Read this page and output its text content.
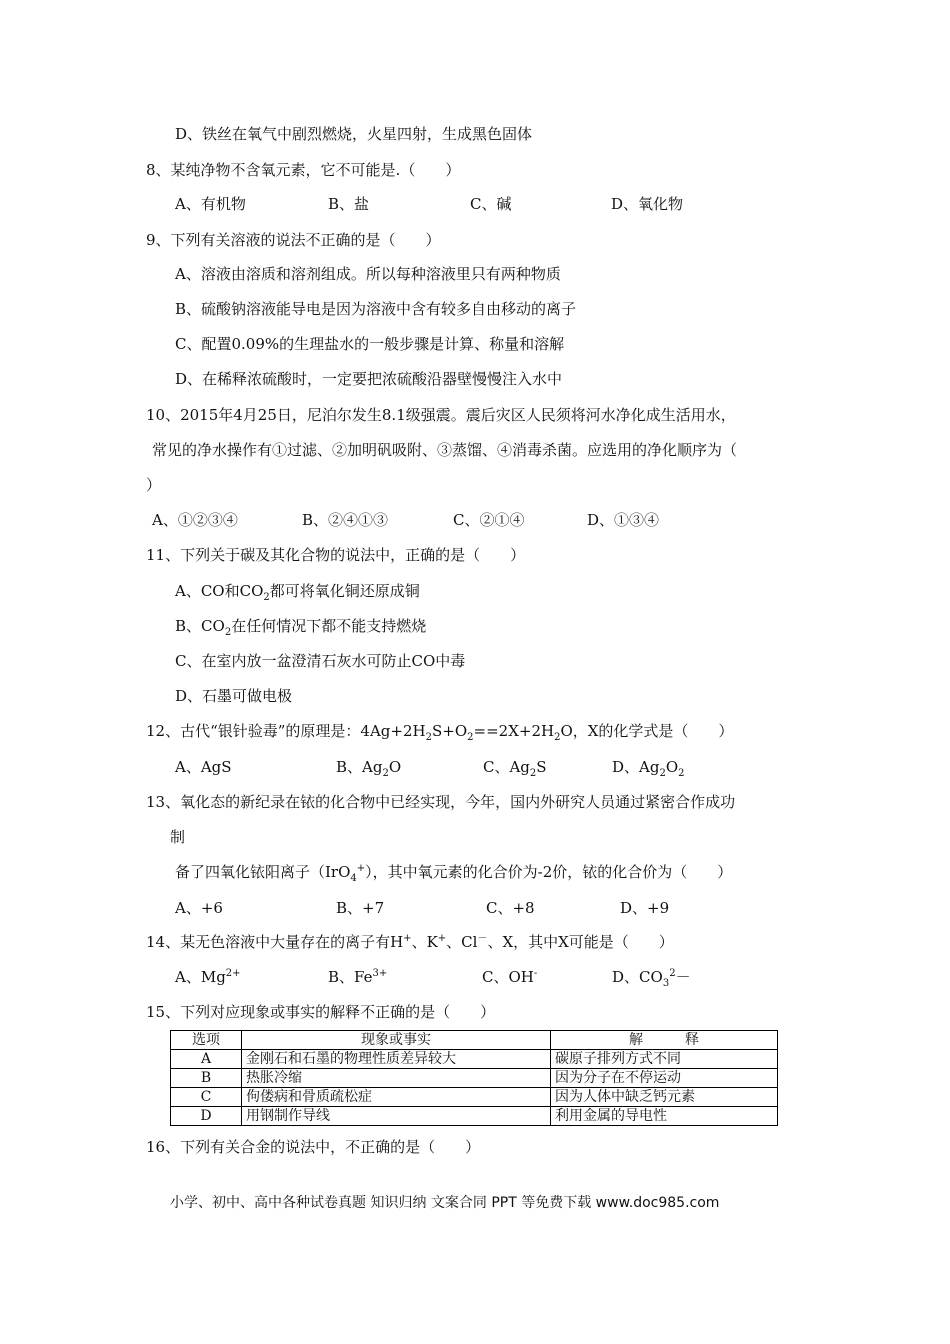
D、铁丝在氧气中剧烈燃烧，火星四射，生成黑色固体
8、某纯净物不含氧元素，它不可能是.（　　）
A、有机物	B、盐	C、碱	D、氧化物
9、下列有关溶液的说法不正确的是（　　）
A、溶液由溶质和溶剂组成。所以每种溶液里只有两种物质
B、硫酸钠溶液能导电是因为溶液中含有较多自由移动的离子
C、配置0.09%的生理盐水的一般步骤是计算、称量和溶解
D、在稀释浓硫酸时，一定要把浓硫酸沿器壁慢慢注入水中
10、2015年4月25日，尼泊尔发生8.1级强震。震后灾区人民须将河水净化成生活用水，
常见的净水操作有①过滤、②加明矾吸附、③蒸馏、④消毒杀菌。应选用的净化顺序为（
）
A、①②③④	B、②④①③	C、②①④	D、①③④
11、下列关于碳及其化合物的说法中，正确的是（　　）
A、CO和$CO_2$都可将氧化铜还原成铜
B、$CO_2$在任何情况下都不能支持燃烧
C、在室内放一盆澄清石灰水可防止CO中毒
D、石墨可做电极
12、古代“银针验毒”的原理是：$4Ag+2H_2S+O_2==2X+2H_2O$，X的化学式是（　　）
A、AgS	B、$Ag_2O$	C、$Ag_2S$	D、$Ag_2O_2$
13、氧化态的新纪录在铱的化合物中已经实现，今年，国内外研究人员通过紧密合作成功
制
备了四氧化铱阳离子（IrO$_4$+），其中氧元素的化合价为-2价，铱的化合价为（　　）
A、+6	B、+7	C、+8	D、+9
14、某无色溶液中大量存在的离子有H+、K+、Cl－、X，其中X可能是（　　）
A、$Mg^{2+}$	B、$Fe^{3+}$	C、OH-	D、$CO_3^2-$
15、下列对应现象或事实的解释不正确的是（　　）
选项	现象或事实	解　　　释
A	金刚石和石墨的物理性质差异较大	碳原子排列方式不同
B	热胀冷缩	因为分子在不停运动
C	佝偻病和骨质疏松症	因为人体中缺乏钙元素
D	用钢制作导线	利用金属的导电性
16、下列有关合金的说法中，不正确的是（　　）
小学、初中、高中各种试卷真题 知识归纳 文案合同 PPT 等免费下载 www.doc985.com
